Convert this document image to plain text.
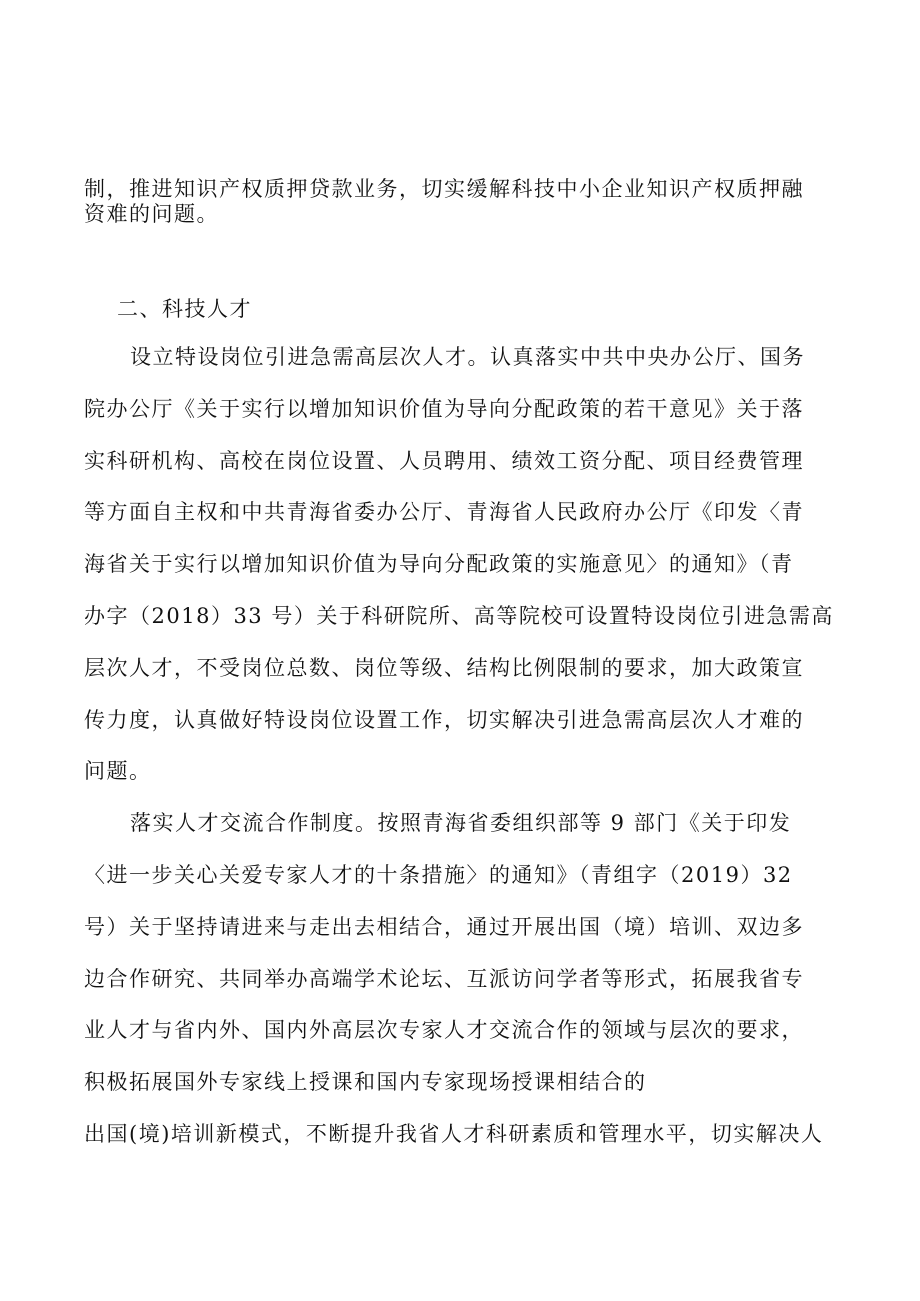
制，推进知识产权质押贷款业务，切实缓解科技中小企业知识产权质押融
资难的问题。
二、科技人才
设立特设岗位引进急需高层次人才。认真落实中共中央办公厅、国务
院办公厅《关于实行以增加知识价值为导向分配政策的若干意见》关于落
实科研机构、高校在岗位设置、人员聘用、绩效工资分配、项目经费管理
等方面自主权和中共青海省委办公厅、青海省人民政府办公厅《印发〈青
海省关于实行以增加知识价值为导向分配政策的实施意见〉的通知》（青
办字（2018）33 号）关于科研院所、高等院校可设置特设岗位引进急需高
层次人才，不受岗位总数、岗位等级、结构比例限制的要求，加大政策宣
传力度，认真做好特设岗位设置工作，切实解决引进急需高层次人才难的
问题。
落实人才交流合作制度。按照青海省委组织部等 9 部门《关于印发
〈进一步关心关爱专家人才的十条措施〉的通知》（青组字（2019）32
号）关于坚持请进来与走出去相结合，通过开展出国（境）培训、双边多
边合作研究、共同举办高端学术论坛、互派访问学者等形式，拓展我省专
业人才与省内外、国内外高层次专家人才交流合作的领域与层次的要求，
积极拓展国外专家线上授课和国内专家现场授课相结合的
出国(境)培训新模式，不断提升我省人才科研素质和管理水平，切实解决人
